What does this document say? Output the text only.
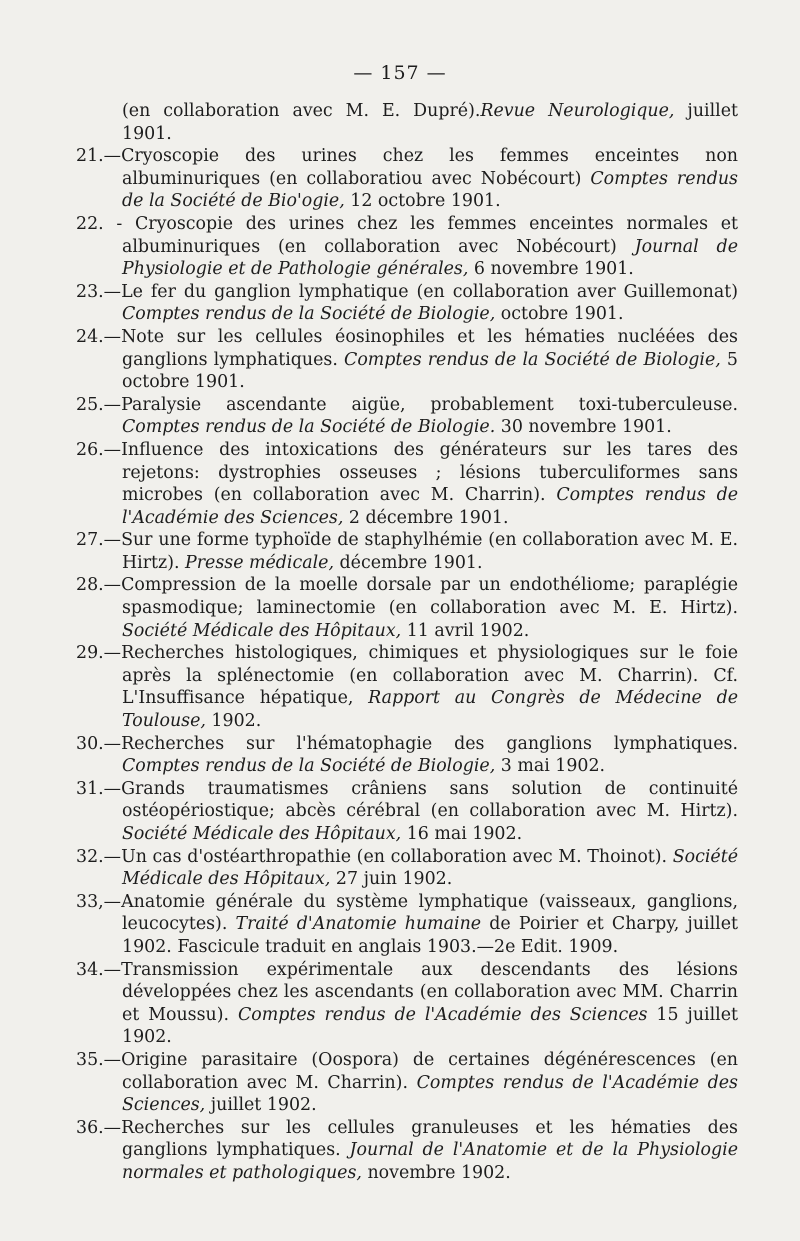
— 157 —

(en collaboration avec M. E. Dupré).Revue Neurologique, juillet 1901.

21.—Cryoscopie des urines chez les femmes enceintes non albuminuriques (en collaboratiou avec Nobécourt) Comptes rendus de la Société de Bio'ogie, 12 octobre 1901.

22. - Cryoscopie des urines chez les femmes enceintes normales et albuminuriques (en collaboration avec Nobécourt) Journal de Physiologie et de Pathologie générales, 6 novembre 1901.

23.—Le fer du ganglion lymphatique (en collaboration aver Guillemonat) Comptes rendus de la Société de Biologie, octobre 1901.

24.—Note sur les cellules éosinophiles et les hématies nucléées des ganglions lymphatiques. Comptes rendus de la Société de Biologie, 5 octobre 1901.

25.—Paralysie ascendante aigüe, probablement toxi-tuberculeuse. Comptes rendus de la Société de Biologie. 30 novembre 1901.

26.—Influence des intoxications des générateurs sur les tares des rejetons: dystrophies osseuses ; lésions tuberculiformes sans microbes (en collaboration avec M. Charrin). Comptes rendus de l'Académie des Sciences, 2 décembre 1901.

27.—Sur une forme typhoïde de staphylhémie (en collaboration avec M. E. Hirtz). Presse médicale, décembre 1901.

28.—Compression de la moelle dorsale par un endothéliome; paraplégie spasmodique; laminectomie (en collaboration avec M. E. Hirtz). Société Médicale des Hôpitaux, 11 avril 1902.

29.—Recherches histologiques, chimiques et physiologiques sur le foie après la splénectomie (en collaboration avec M. Charrin). Cf. L'Insuffisance hépatique, Rapport au Congrès de Médecine de Toulouse, 1902.

30.—Recherches sur l'hématophagie des ganglions lymphatiques. Comptes rendus de la Société de Biologie, 3 mai 1902.

31.—Grands traumatismes crâniens sans solution de continuité ostéopériostique; abcès cérébral (en collaboration avec M. Hirtz). Société Médicale des Hôpitaux, 16 mai 1902.

32.—Un cas d'ostéarthropathie (en collaboration avec M. Thoinot). Société Médicale des Hôpitaux, 27 juin 1902.

33,—Anatomie générale du système lymphatique (vaisseaux, ganglions, leucocytes). Traité d'Anatomie humaine de Poirier et Charpy, juillet 1902. Fascicule traduit en anglais 1903.—2e Edit. 1909.

34.—Transmission expérimentale aux descendants des lésions développées chez les ascendants (en collaboration avec MM. Charrin et Moussu). Comptes rendus de l'Académie des Sciences 15 juillet 1902.

35.—Origine parasitaire (Oospora) de certaines dégénérescences (en collaboration avec M. Charrin). Comptes rendus de l'Académie des Sciences, juillet 1902.

36.—Recherches sur les cellules granuleuses et les hématies des ganglions lymphatiques. Journal de l'Anatomie et de la Physiologie normales et pathologiques, novembre 1902.
